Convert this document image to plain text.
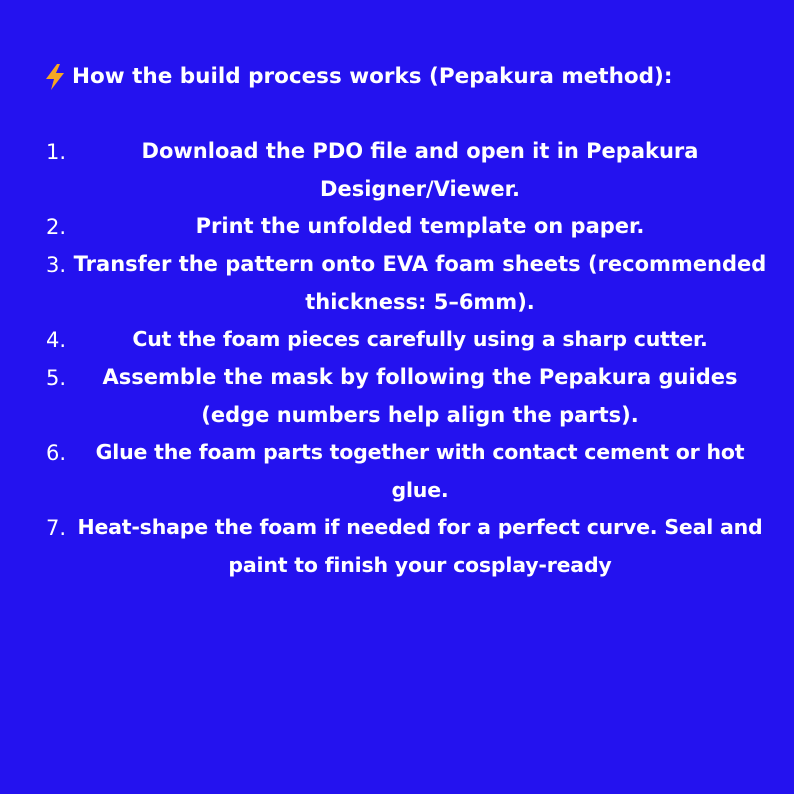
How the build process works (Pepakura method):
1.	Download the PDO file and open it in Pepakura Designer/Viewer.
2.	Print the unfolded template on paper.
3. Transfer the pattern onto EVA foam sheets (recommended thickness: 5–6mm).
4.	Cut the foam pieces carefully using a sharp cutter.
5.	Assemble the mask by following the Pepakura guides (edge numbers help align the parts).
6.	Glue the foam parts together with contact cement or hot glue.
7. Heat-shape the foam if needed for a perfect curve. Seal and paint to finish your cosplay-ready
